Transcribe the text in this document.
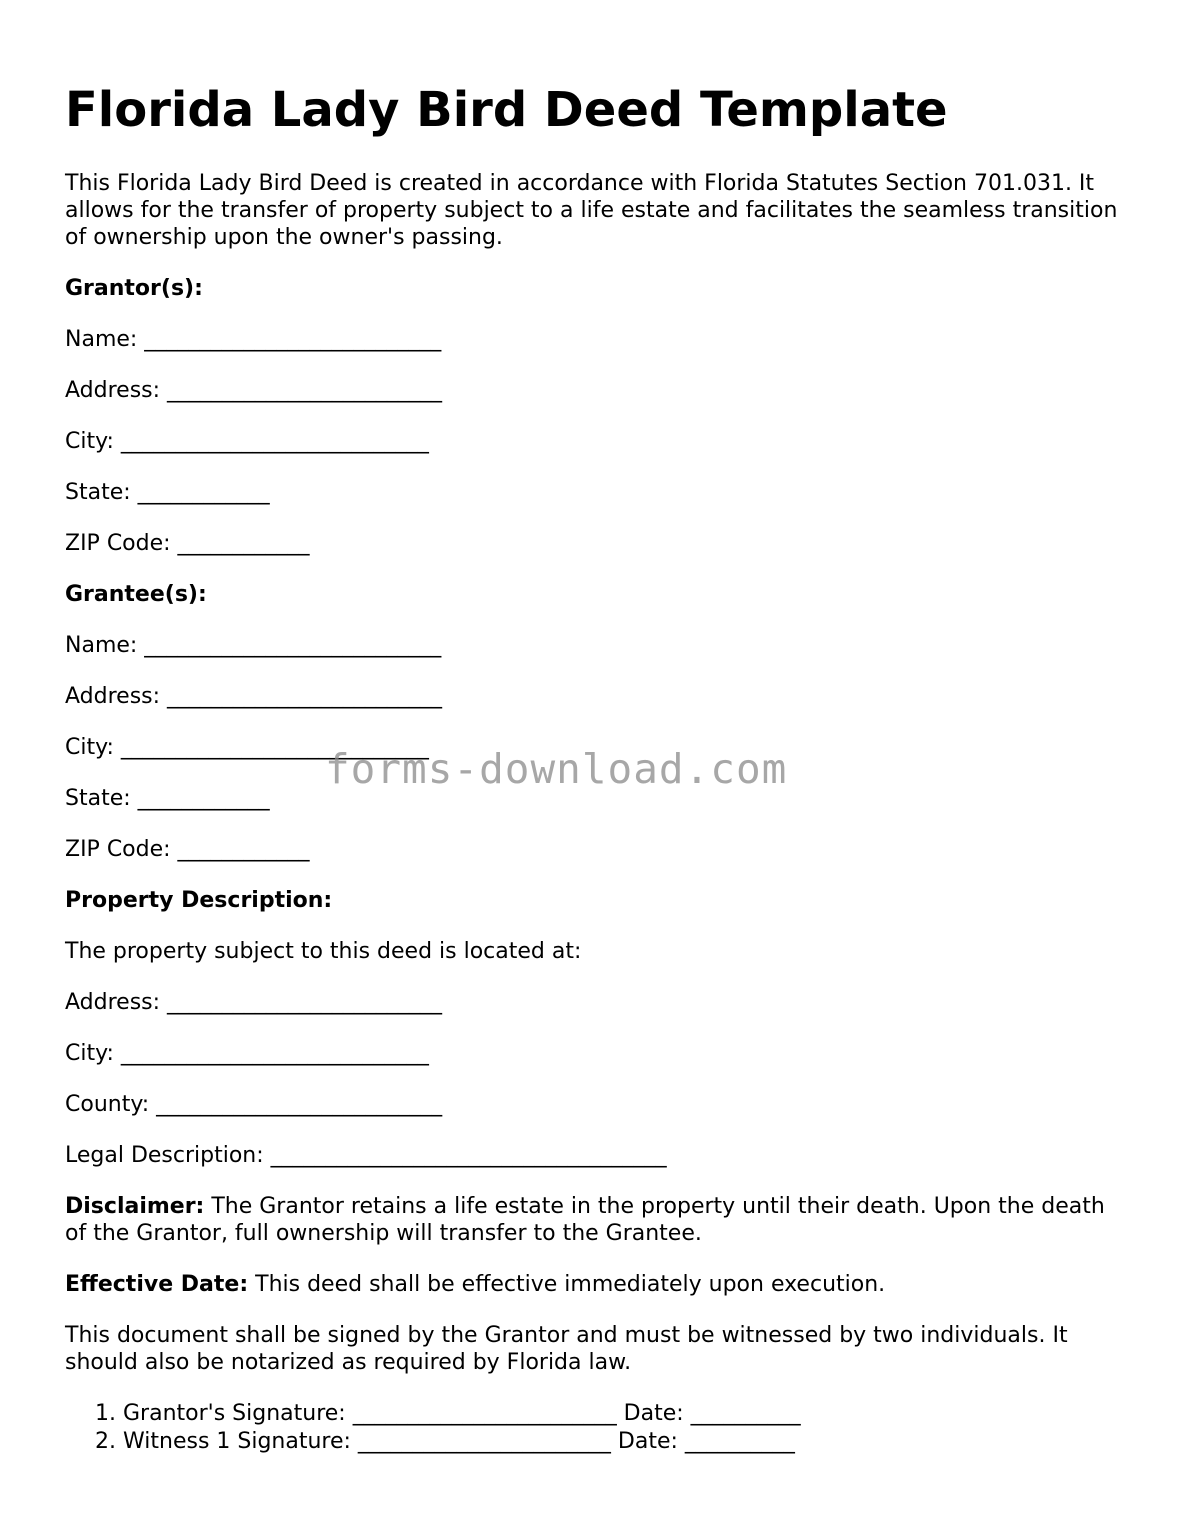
Florida Lady Bird Deed Template

This Florida Lady Bird Deed is created in accordance with Florida Statutes Section 701.031. It allows for the transfer of property subject to a life estate and facilitates the seamless transition of ownership upon the owner's passing.

Grantor(s):

Name: ___________________________
Address: _________________________
City: ____________________________
State: ____________
ZIP Code: ____________

Grantee(s):

Name: ___________________________
Address: _________________________
City: ____________________________
State: ____________
ZIP Code: ____________

Property Description:

The property subject to this deed is located at:

Address: _________________________
City: ____________________________
County: __________________________
Legal Description: ____________________________________

Disclaimer: The Grantor retains a life estate in the property until their death. Upon the death of the Grantor, full ownership will transfer to the Grantee.

Effective Date: This deed shall be effective immediately upon execution.

This document shall be signed by the Grantor and must be witnessed by two individuals. It should also be notarized as required by Florida law.

1. Grantor's Signature: ________________________ Date: __________
2. Witness 1 Signature: _______________________ Date: __________
forms-download.com
